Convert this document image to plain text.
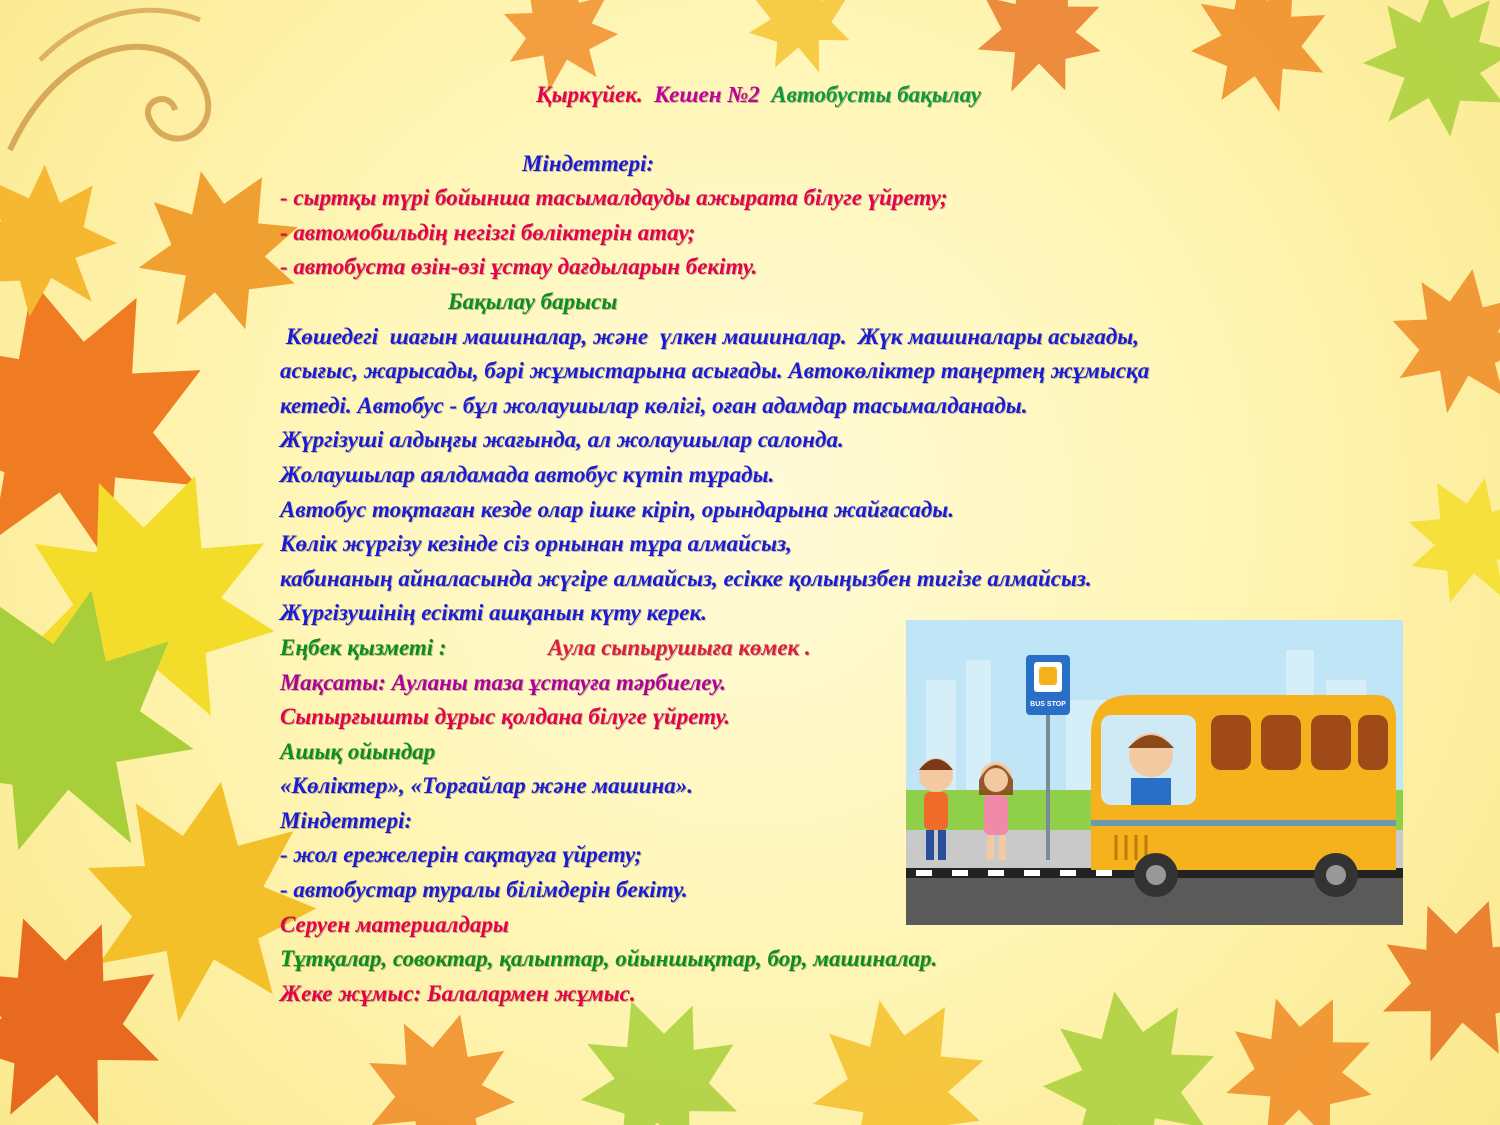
BUS STOP
Қыркүйек. Кешен №2 Автобусты бақылау
Міндеттері:
- сыртқы түрі бойынша тасымалдауды ажырата білуге үйрету;
- автомобильдің негізгі бөліктерін атау;
- автобуста өзін-өзі ұстау дағдыларын бекіту.
Бақылау барысы
Көшедегі  шағын машиналар, және  үлкен машиналар.  Жүк машиналары асығады,
асығыс, жарысады, бәрі жұмыстарына асығады. Автокөліктер таңертең жұмысқа
кетеді. Автобус - бұл жолаушылар көлігі, оған адамдар тасымалданады.
Жүргізуші алдыңғы жағында, ал жолаушылар салонда.
Жолаушылар аялдамада автобус күтіп тұрады.
Автобус тоқтаған кезде олар ішке кіріп, орындарына жайғасады.
Көлік жүргізу кезінде сіз орнынан тұра алмайсыз,
кабинаның айналасында жүгіре алмайсыз, есікке қолыңызбен тигізе алмайсыз.
Жүргізушінің есікті ашқанын күту керек.
Еңбек қызметі :	Аула сыпырушыға көмек .
Мақсаты: Ауланы таза ұстауға тәрбиелеу.
Сыпырғышты дұрыс қолдана білуге үйрету.
Ашық ойындар
«Көліктер», «Торғайлар және машина».
Міндеттері:
- жол ережелерін сақтауға үйрету;
- автобустар туралы білімдерін бекіту.
Серуен материалдары
Тұтқалар, совоктар, қалыптар, ойыншықтар, бор, машиналар.
Жеке жұмыс: Балалармен жұмыс.
